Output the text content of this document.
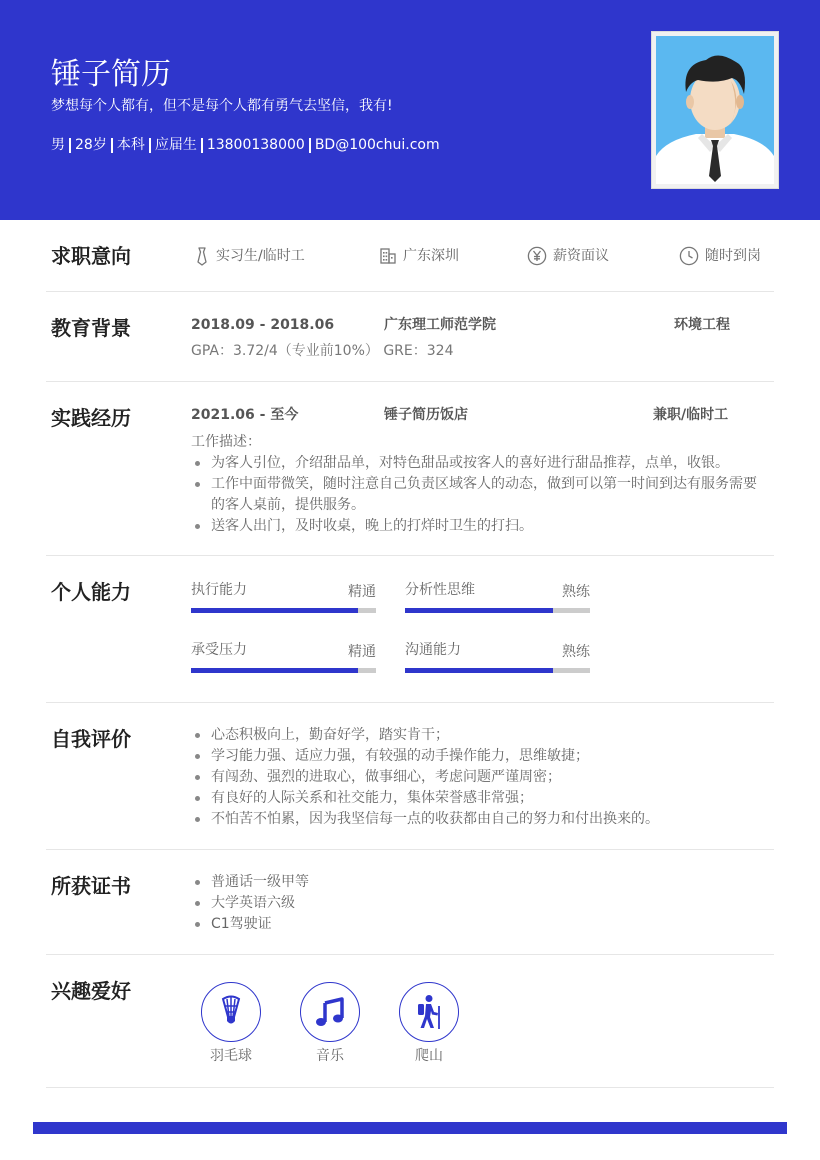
锤子简历
梦想每个人都有，但不是每个人都有勇气去坚信，我有!
男 28岁 本科 应届生 13800138000 BD@100chui.com
求职意向	实习生/临时工	广东深圳	薪资面议	随时到岗
教育背景	2018.09 - 2018.06	广东理工师范学院	环境工程
GPA：3.72/4（专业前10%） GRE：324
实践经历	2021.06 - 至今	锤子简历饭店	兼职/临时工
工作描述：
为客人引位，介绍甜品单，对特色甜品或按客人的喜好进行甜品推荐，点单，收银。
工作中面带微笑，随时注意自己负责区域客人的动态，做到可以第一时间到达有服务需要的客人桌前，提供服务。
送客人出门，及时收桌，晚上的打烊时卫生的打扫。
个人能力	执行能力	精通 分析性思维	熟练
承受压力	精通 沟通能力	熟练
自我评价	心态积极向上，勤奋好学，踏实肯干；
学习能力强、适应力强，有较强的动手操作能力，思维敏捷；
有闯劲、强烈的进取心，做事细心，考虑问题严谨周密；
有良好的人际关系和社交能力，集体荣誉感非常强；
不怕苦不怕累，因为我坚信每一点的收获都由自己的努力和付出换来的。
所获证书	普通话一级甲等
大学英语六级
C1驾驶证
兴趣爱好
羽毛球	音乐	爬山
